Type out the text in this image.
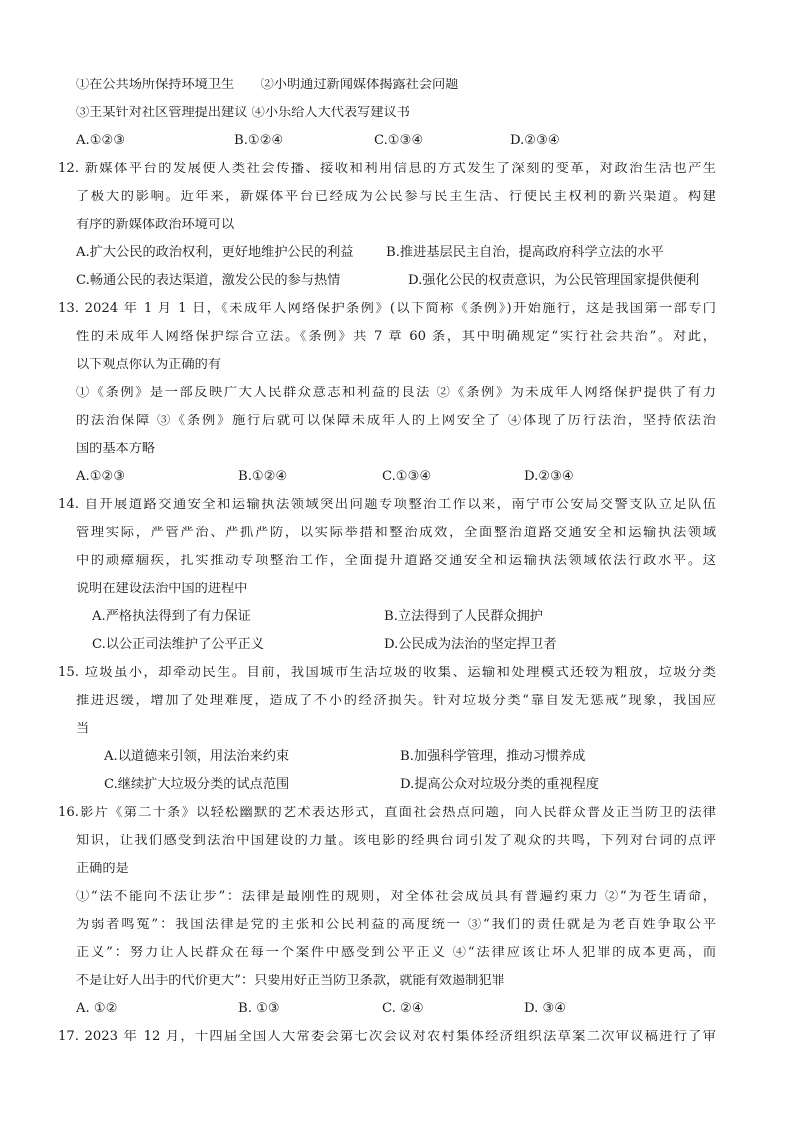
①在公共场所保持环境卫生　　②小明通过新闻媒体揭露社会问题
③王某针对社区管理提出建议 ④小乐给人大代表写建议书
A.①②③	B.①②④	C.①③④	D.②③④
12. 新媒体平台的发展使人类社会传播、接收和利用信息的方式发生了深刻的变革，对政治生活也产生
了极大的影响。近年来，新媒体平台已经成为公民参与民主生活、行使民主权利的新兴渠道。构建
有序的新媒体政治环境可以
A.扩大公民的政治权利，更好地维护公民的利益 B.推进基层民主自治，提高政府科学立法的水平
C.畅通公民的表达渠道，激发公民的参与热情	D.强化公民的权责意识，为公民管理国家提供便利
13. 2024 年 1 月 1 日，《未成年人网络保护条例》(以下简称《条例》)开始施行，这是我国第一部专门
性的未成年人网络保护综合立法。《条例》共 7 章 60 条，其中明确规定“实行社会共治”。对此，
以下观点你认为正确的有
①《条例》是一部反映广大人民群众意志和利益的良法 ②《条例》为未成年人网络保护提供了有力
的法治保障 ③《条例》施行后就可以保障未成年人的上网安全了 ④体现了厉行法治，坚持依法治
国的基本方略
A.①②③	B.①②④	C.①③④	D.②③④
14. 自开展道路交通安全和运输执法领域突出问题专项整治工作以来，南宁市公安局交警支队立足队伍
管理实际，严管严治、严抓严防，以实际举措和整治成效，全面整治道路交通安全和运输执法领域
中的顽瘴痼疾，扎实推动专项整治工作，全面提升道路交通安全和运输执法领域依法行政水平。这
说明在建设法治中国的进程中
A.严格执法得到了有力保证	B.立法得到了人民群众拥护
C.以公正司法维护了公平正义	D.公民成为法治的坚定捍卫者
15. 垃圾虽小，却牵动民生。目前，我国城市生活垃圾的收集、运输和处理模式还较为粗放，垃圾分类
推进迟缓，增加了处理难度，造成了不小的经济损失。针对垃圾分类“靠自发无惩戒”现象，我国应
当
A.以道德来引领，用法治来约束	B.加强科学管理，推动习惯养成
C.继续扩大垃圾分类的试点范围	D.提高公众对垃圾分类的重视程度
16.影片《第二十条》以轻松幽默的艺术表达形式，直面社会热点问题，向人民群众普及正当防卫的法律
知识，让我们感受到法治中国建设的力量。该电影的经典台词引发了观众的共鸣，下列对台词的点评
正确的是
①“法不能向不法让步”：法律是最刚性的规则，对全体社会成员具有普遍约束力 ②“为苍生请命，
为弱者鸣冤”：我国法律是党的主张和公民利益的高度统一 ③“我们的责任就是为老百姓争取公平
正义”：努力让人民群众在每一个案件中感受到公平正义 ④“法律应该让坏人犯罪的成本更高，而
不是让好人出手的代价更大”：只要用好正当防卫条款，就能有效遏制犯罪
A. ①②	B. ①③	C. ②④	D. ③④
17. 2023 年 12 月，十四届全国人大常委会第七次会议对农村集体经济组织法草案二次审议稿进行了审
